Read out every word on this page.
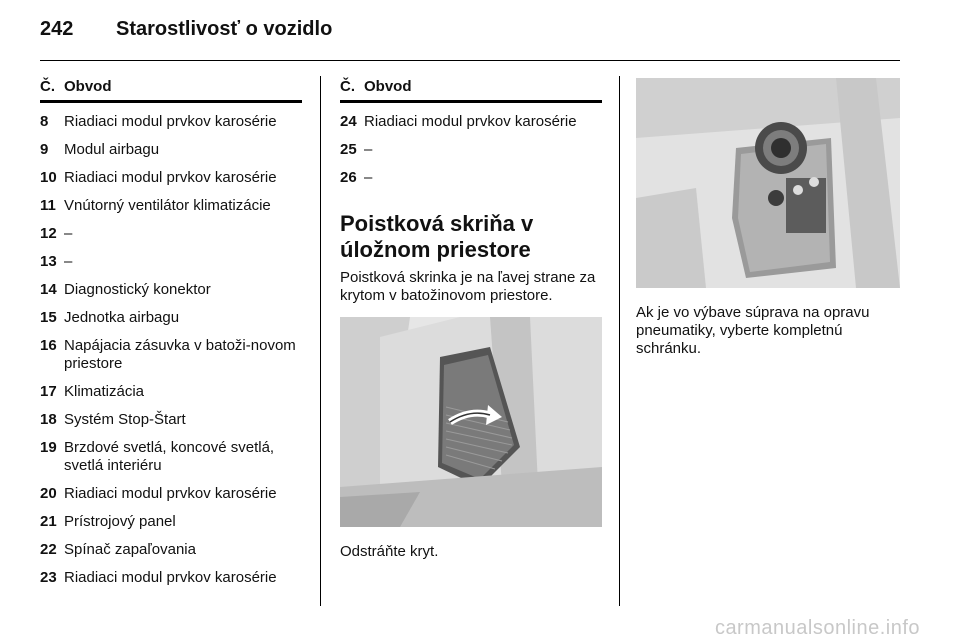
242	Starostlivosť o vozidlo
Č. Obvod
8	Riadiaci modul prvkov karosérie
9	Modul airbagu
10 Riadiaci modul prvkov karosérie
11 Vnútorný ventilátor klimatizácie
12 –
13 –
14 Diagnostický konektor
15 Jednotka airbagu
16 Napájacia zásuvka v batoži-novom priestore
17 Klimatizácia
18 Systém Stop-Štart
19 Brzdové svetlá, koncové svetlá, svetlá interiéru
20 Riadiaci modul prvkov karosérie
21 Prístrojový panel
22 Spínač zapaľovania
23 Riadiaci modul prvkov karosérie
Č. Obvod
24 Riadiaci modul prvkov karosérie
25 –
26 –
Poistková skriňa v úložnom priestore

Poistková skrinka je na ľavej strane za krytom v batožinovom priestore.

Odstráňte kryt.

Ak je vo výbave súprava na opravu pneumatiky, vyberte kompletnú schránku.

carmanualsonline.info
